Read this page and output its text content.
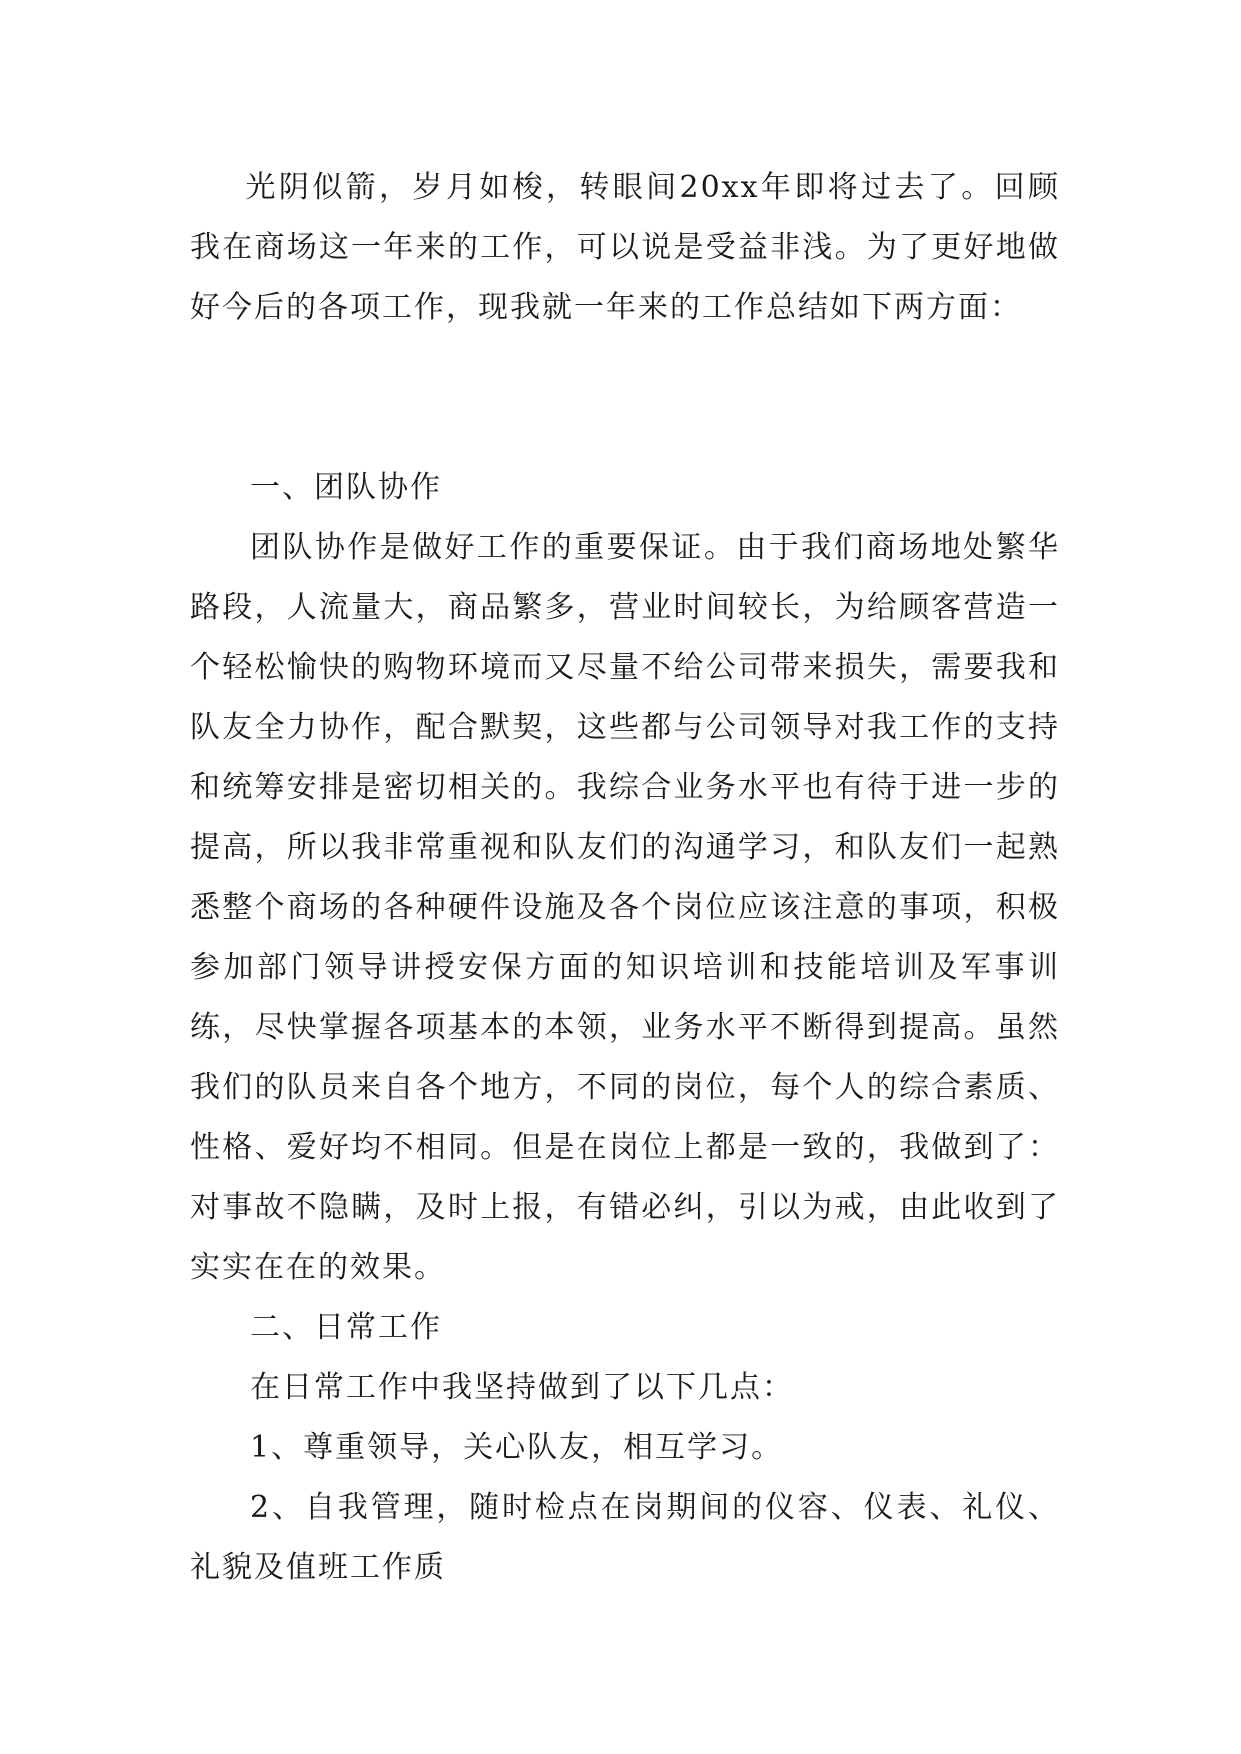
光阴似箭，岁月如梭，转眼间20xx年即将过去了。回顾我在商场这一年来的工作，可以说是受益非浅。为了更好地做好今后的各项工作，现我就一年来的工作总结如下两方面：

一、团队协作

团队协作是做好工作的重要保证。由于我们商场地处繁华路段，人流量大，商品繁多，营业时间较长，为给顾客营造一个轻松愉快的购物环境而又尽量不给公司带来损失，需要我和队友全力协作，配合默契，这些都与公司领导对我工作的支持和统筹安排是密切相关的。我综合业务水平也有待于进一步的提高，所以我非常重视和队友们的沟通学习，和队友们一起熟悉整个商场的各种硬件设施及各个岗位应该注意的事项，积极参加部门领导讲授安保方面的知识培训和技能培训及军事训练，尽快掌握各项基本的本领，业务水平不断得到提高。虽然我们的队员来自各个地方，不同的岗位，每个人的综合素质、性格、爱好均不相同。但是在岗位上都是一致的，我做到了：对事故不隐瞒，及时上报，有错必纠，引以为戒，由此收到了实实在在的效果。

二、日常工作

在日常工作中我坚持做到了以下几点：

1、尊重领导，关心队友，相互学习。

2、自我管理，随时检点在岗期间的仪容、仪表、礼仪、礼貌及值班工作质
